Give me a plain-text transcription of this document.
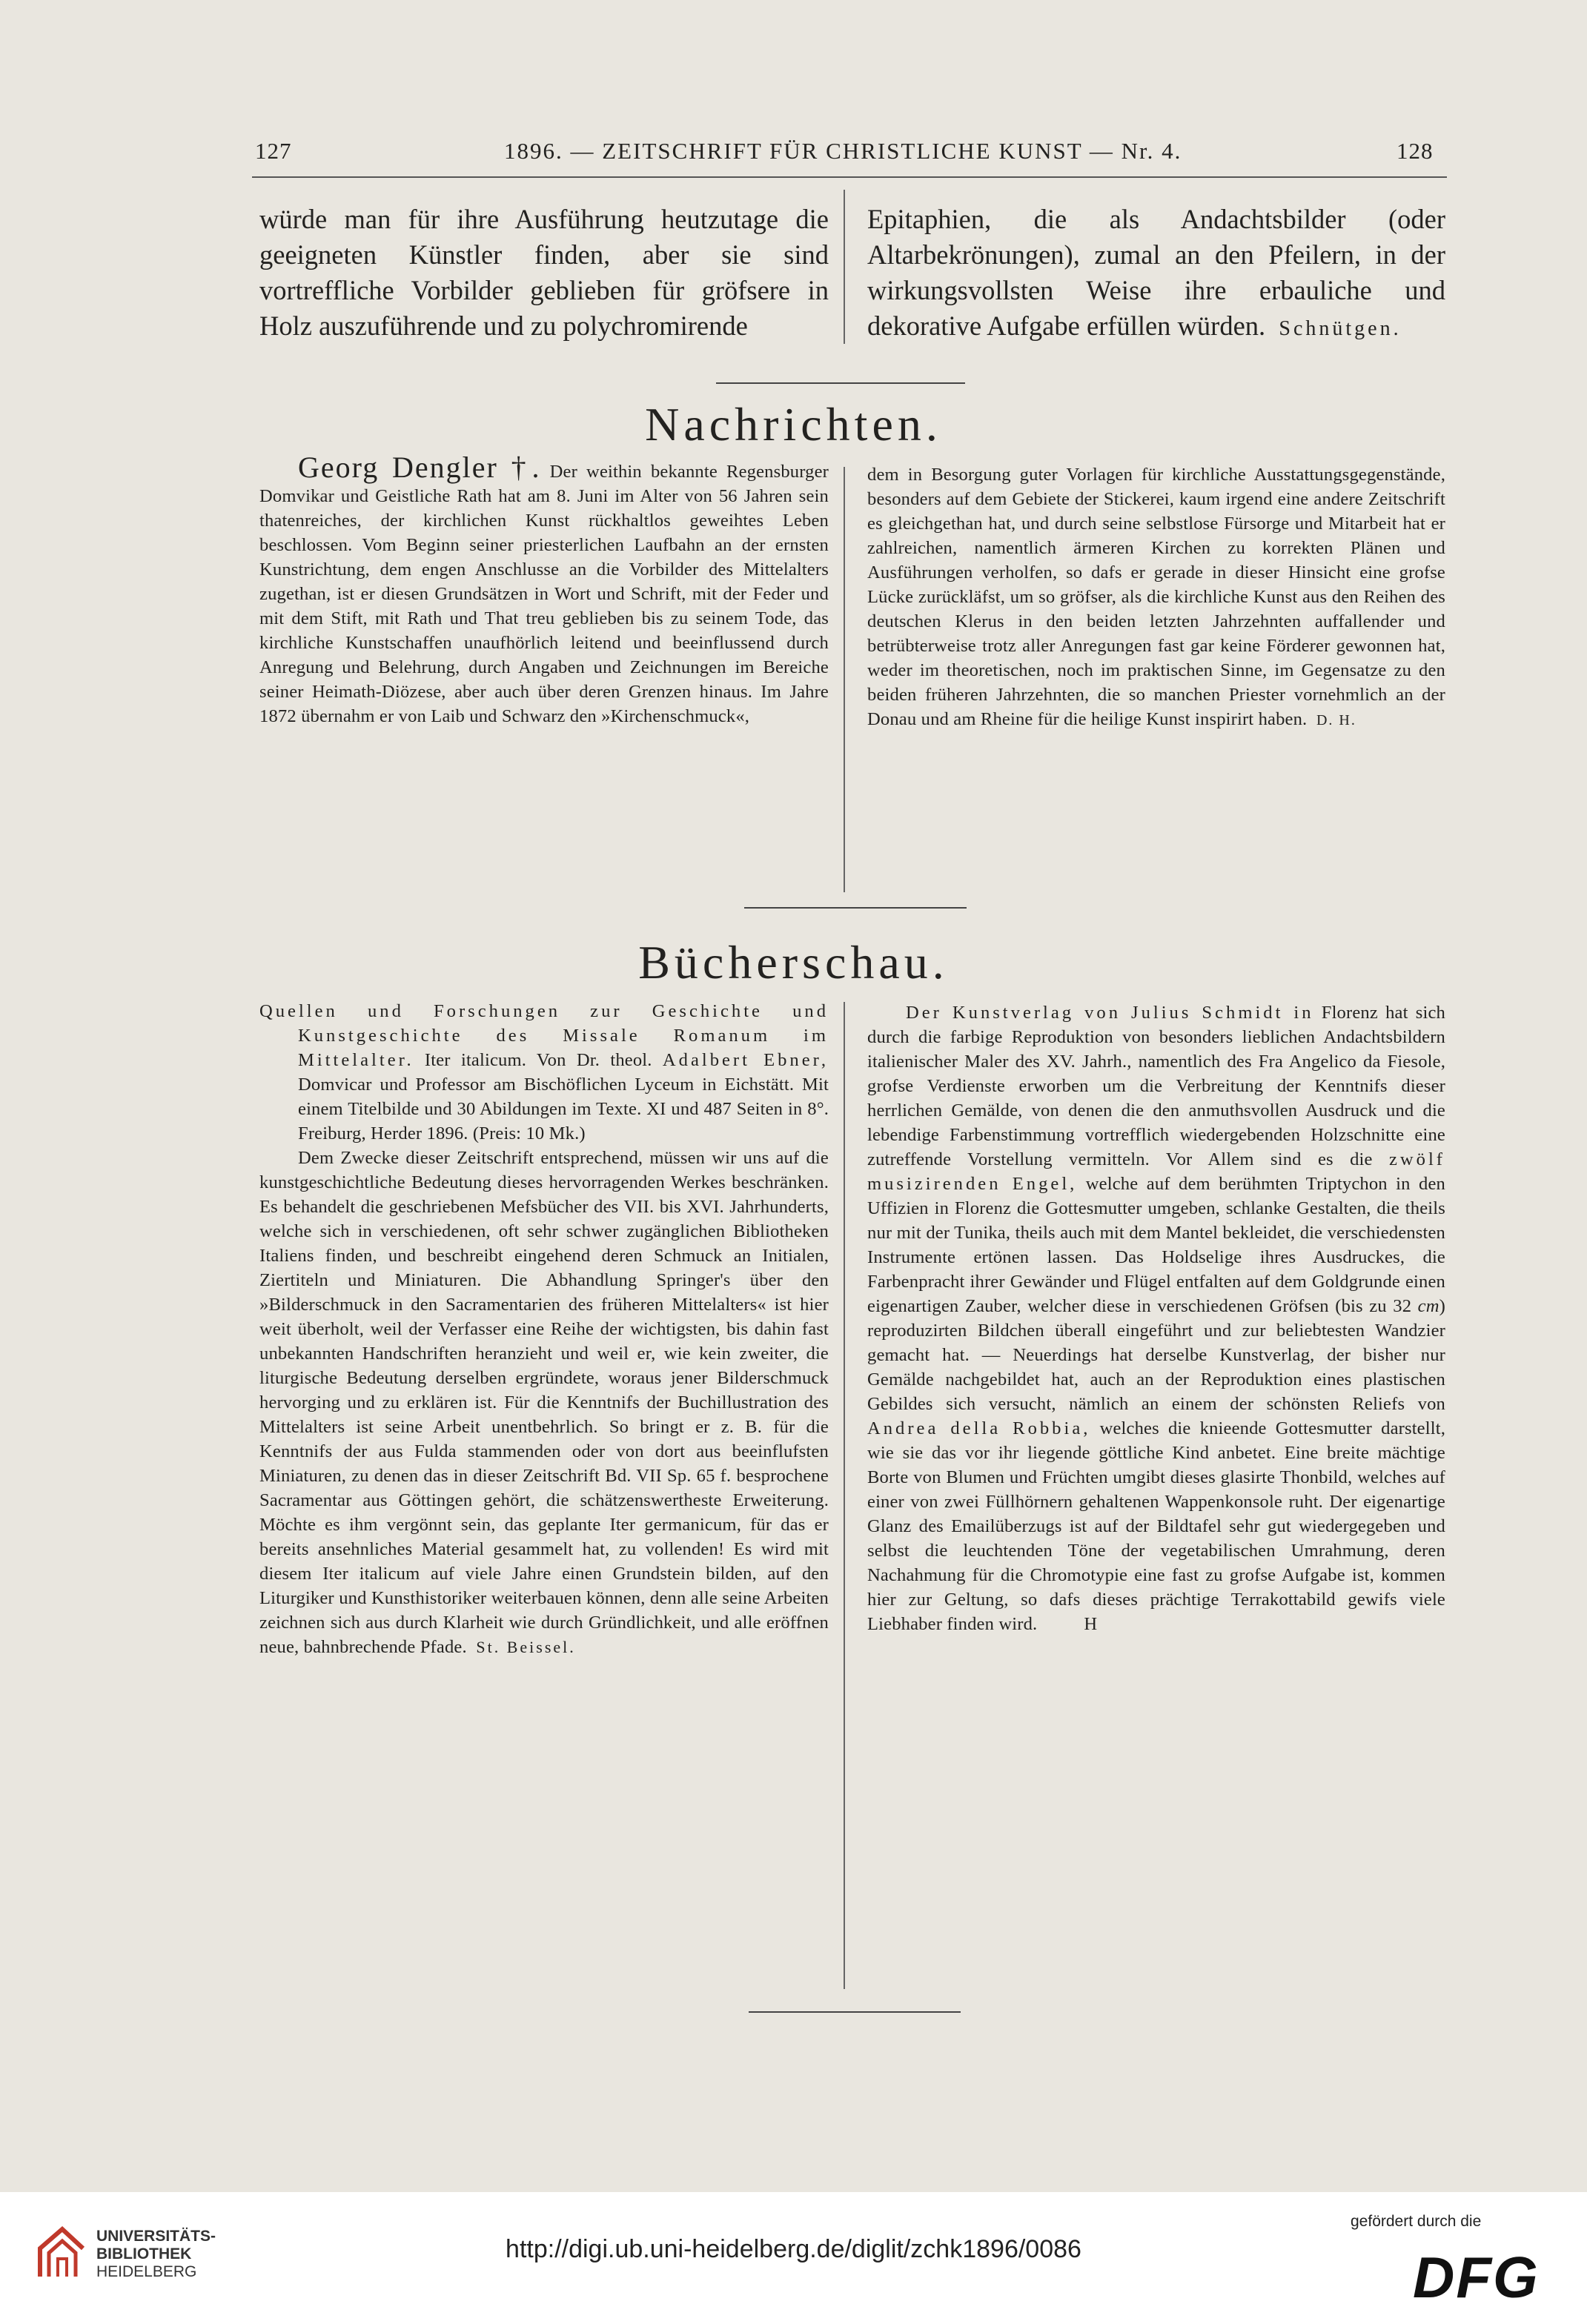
127	1896. — ZEITSCHRIFT FÜR CHRISTLICHE KUNST — Nr. 4.	128

würde man für ihre Ausführung heutzutage die geeigneten Künstler finden, aber sie sind vortreffliche Vorbilder geblieben für gröfsere in Holz auszuführende und zu polychromirende

Epitaphien, die als Andachtsbilder (oder Altarbekrönungen), zumal an den Pfeilern, in der wirkungsvollsten Weise ihre erbauliche und dekorative Aufgabe erfüllen würden. Schnütgen.

Nachrichten.

Georg Dengler †. Der weithin bekannte Regensburger Domvikar und Geistliche Rath hat am 8. Juni im Alter von 56 Jahren sein thatenreiches, der kirchlichen Kunst rückhaltlos geweihtes Leben beschlossen. Vom Beginn seiner priesterlichen Laufbahn an der ernsten Kunstrichtung, dem engen Anschlusse an die Vorbilder des Mittelalters zugethan, ist er diesen Grundsätzen in Wort und Schrift, mit der Feder und mit dem Stift, mit Rath und That treu geblieben bis zu seinem Tode, das kirchliche Kunstschaffen unaufhörlich leitend und beeinflussend durch Anregung und Belehrung, durch Angaben und Zeichnungen im Bereiche seiner Heimath-Diözese, aber auch über deren Grenzen hinaus. Im Jahre 1872 übernahm er von Laib und Schwarz den »Kirchenschmuck«,

dem in Besorgung guter Vorlagen für kirchliche Ausstattungsgegenstände, besonders auf dem Gebiete der Stickerei, kaum irgend eine andere Zeitschrift es gleichgethan hat, und durch seine selbstlose Fürsorge und Mitarbeit hat er zahlreichen, namentlich ärmeren Kirchen zu korrekten Plänen und Ausführungen verholfen, so dafs er gerade in dieser Hinsicht eine grofse Lücke zurückläfst, um so gröfser, als die kirchliche Kunst aus den Reihen des deutschen Klerus in den beiden letzten Jahrzehnten auffallender und betrübterweise trotz aller Anregungen fast gar keine Förderer gewonnen hat, weder im theoretischen, noch im praktischen Sinne, im Gegensatze zu den beiden früheren Jahrzehnten, die so manchen Priester vornehmlich an der Donau und am Rheine für die heilige Kunst inspirirt haben. D. H.

Bücherschau.

Quellen und Forschungen zur Geschichte und Kunstgeschichte des Missale Romanum im Mittelalter. Iter italicum. Von Dr. theol. Adalbert Ebner, Domvicar und Professor am Bischöflichen Lyceum in Eichstätt. Mit einem Titelbilde und 30 Abildungen im Texte. XI und 487 Seiten in 8°. Freiburg, Herder 1896. (Preis: 10 Mk.)

Dem Zwecke dieser Zeitschrift entsprechend, müssen wir uns auf die kunstgeschichtliche Bedeutung dieses hervorragenden Werkes beschränken. Es behandelt die geschriebenen Mefsbücher des VII. bis XVI. Jahrhunderts, welche sich in verschiedenen, oft sehr schwer zugänglichen Bibliotheken Italiens finden, und beschreibt eingehend deren Schmuck an Initialen, Ziertiteln und Miniaturen. Die Abhandlung Springer's über den »Bilderschmuck in den Sacramentarien des früheren Mittelalters« ist hier weit überholt, weil der Verfasser eine Reihe der wichtigsten, bis dahin fast unbekannten Handschriften heranzieht und weil er, wie kein zweiter, die liturgische Bedeutung derselben ergründete, woraus jener Bilderschmuck hervorging und zu erklären ist. Für die Kenntnifs der Buchillustration des Mittelalters ist seine Arbeit unentbehrlich. So bringt er z. B. für die Kenntnifs der aus Fulda stammenden oder von dort aus beeinflufsten Miniaturen, zu denen das in dieser Zeitschrift Bd. VII Sp. 65 f. besprochene Sacramentar aus Göttingen gehört, die schätzenswertheste Erweiterung. Möchte es ihm vergönnt sein, das geplante Iter germanicum, für das er bereits ansehnliches Material gesammelt hat, zu vollenden! Es wird mit diesem Iter italicum auf viele Jahre einen Grundstein bilden, auf den Liturgiker und Kunsthistoriker weiterbauen können, denn alle seine Arbeiten zeichnen sich aus durch Klarheit wie durch Gründlichkeit, und alle eröffnen neue, bahnbrechende Pfade. St. Beissel.

Der Kunstverlag von Julius Schmidt in Florenz hat sich durch die farbige Reproduktion von besonders lieblichen Andachtsbildern italienischer Maler des XV. Jahrh., namentlich des Fra Angelico da Fiesole, grofse Verdienste erworben um die Verbreitung der Kenntnifs dieser herrlichen Gemälde, von denen die den anmuthsvollen Ausdruck und die lebendige Farbenstimmung vortrefflich wiedergebenden Holzschnitte eine zutreffende Vorstellung vermitteln. Vor Allem sind es die zwölf musizirenden Engel, welche auf dem berühmten Triptychon in den Uffizien in Florenz die Gottesmutter umgeben, schlanke Gestalten, die theils nur mit der Tunika, theils auch mit dem Mantel bekleidet, die verschiedensten Instrumente ertönen lassen. Das Holdselige ihres Ausdruckes, die Farbenpracht ihrer Gewänder und Flügel entfalten auf dem Goldgrunde einen eigenartigen Zauber, welcher diese in verschiedenen Gröfsen (bis zu 32 cm) reproduzirten Bildchen überall eingeführt und zur beliebtesten Wandzier gemacht hat. — Neuerdings hat derselbe Kunstverlag, der bisher nur Gemälde nachgebildet hat, auch an der Reproduktion eines plastischen Gebildes sich versucht, nämlich an einem der schönsten Reliefs von Andrea della Robbia, welches die knieende Gottesmutter darstellt, wie sie das vor ihr liegende göttliche Kind anbetet. Eine breite mächtige Borte von Blumen und Früchten umgibt dieses glasirte Thonbild, welches auf einer von zwei Füllhörnern gehaltenen Wappenkonsole ruht. Der eigenartige Glanz des Emailüberzugs ist auf der Bildtafel sehr gut wiedergegeben und selbst die leuchtenden Töne der vegetabilischen Umrahmung, deren Nachahmung für die Chromotypie eine fast zu grofse Aufgabe ist, kommen hier zur Geltung, so dafs dieses prächtige Terrakottabild gewifs viele Liebhaber finden wird.	H

UNIVERSITÄTS-
BIBLIOTHEK
HEIDELBERG
http://digi.ub.uni-heidelberg.de/diglit/zchk1896/0086
gefördert durch die
DFG
